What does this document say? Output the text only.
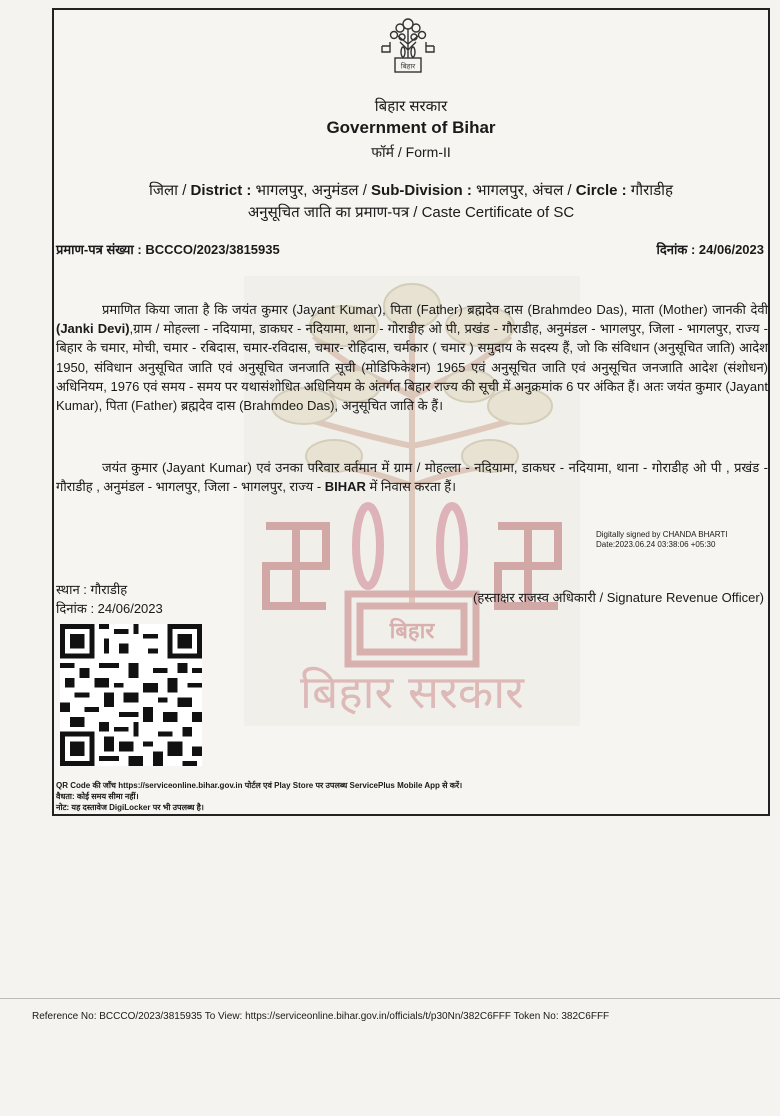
बिहार
बिहार सरकार
Government of Bihar
फॉर्म / Form-II
जिला / District : भागलपुर, अनुमंडल / Sub-Division : भागलपुर, अंचल / Circle : गौराडीह
अनुसूचित जाति का प्रमाण-पत्र / Caste Certificate of SC
प्रमाण-पत्र संख्या : BCCCO/2023/3815935	दिनांक : 24/06/2023
बिहार
बिहार सरकार
प्रमाणित किया जाता है कि जयंत कुमार (Jayant Kumar), पिता (Father) ब्रह्मदेव दास (Brahmdeo Das), माता (Mother) जानकी देवी (Janki Devi),ग्राम / मोहल्ला - नदियामा, डाकघर - नदियामा, थाना - गोराडीह ओ पी, प्रखंड - गौराडीह, अनुमंडल - भागलपुर, जिला - भागलपुर, राज्य - बिहार के चमार, मोची, चमार - रबिदास, चमार-रविदास, चमार- रोहिदास, चर्मकार ( चमार ) समुदाय के सदस्य हैं, जो कि संविधान (अनुसूचित जाति) आदेश 1950, संविधान अनुसूचित जाति एवं अनुसूचित जनजाति सूची (मोडिफिकेशन) 1965 एवं अनुसूचित जाति एवं अनुसूचित जनजाति आदेश (संशोधन) अधिनियम, 1976 एवं समय - समय पर यथासंशोधित अधिनियम के अंतर्गत बिहार राज्य की सूची में अनुक्रमांक 6 पर अंकित हैं। अतः जयंत कुमार (Jayant Kumar), पिता (Father) ब्रह्मदेव दास (Brahmdeo Das), अनुसूचित जाति के हैं।
जयंत कुमार (Jayant Kumar) एवं उनका परिवार वर्तमान में ग्राम / मोहल्ला - नदियामा, डाकघर - नदियामा, थाना - गोराडीह ओ पी , प्रखंड - गौराडीह , अनुमंडल - भागलपुर, जिला - भागलपुर, राज्य - BIHAR में निवास करता हैं।
Digitally signed by CHANDA BHARTI
Date:2023.06.24 03:38:06 +05:30
स्थान : गौराडीह
दिनांक : 24/06/2023
(हस्ताक्षर राजस्व अधिकारी / Signature Revenue Officer)
QR Code की जाँच https://serviceonline.bihar.gov.in पोर्टल एवं Play Store पर उपलब्ध ServicePlus Mobile App से करें।
वैधता: कोई समय सीमा नहीं।
नोट: यह दस्तावेज DigiLocker पर भी उपलब्ध है।
Reference No: BCCCO/2023/3815935 To View: https://serviceonline.bihar.gov.in/officials/t/p30Nn/382C6FFF Token No: 382C6FFF
